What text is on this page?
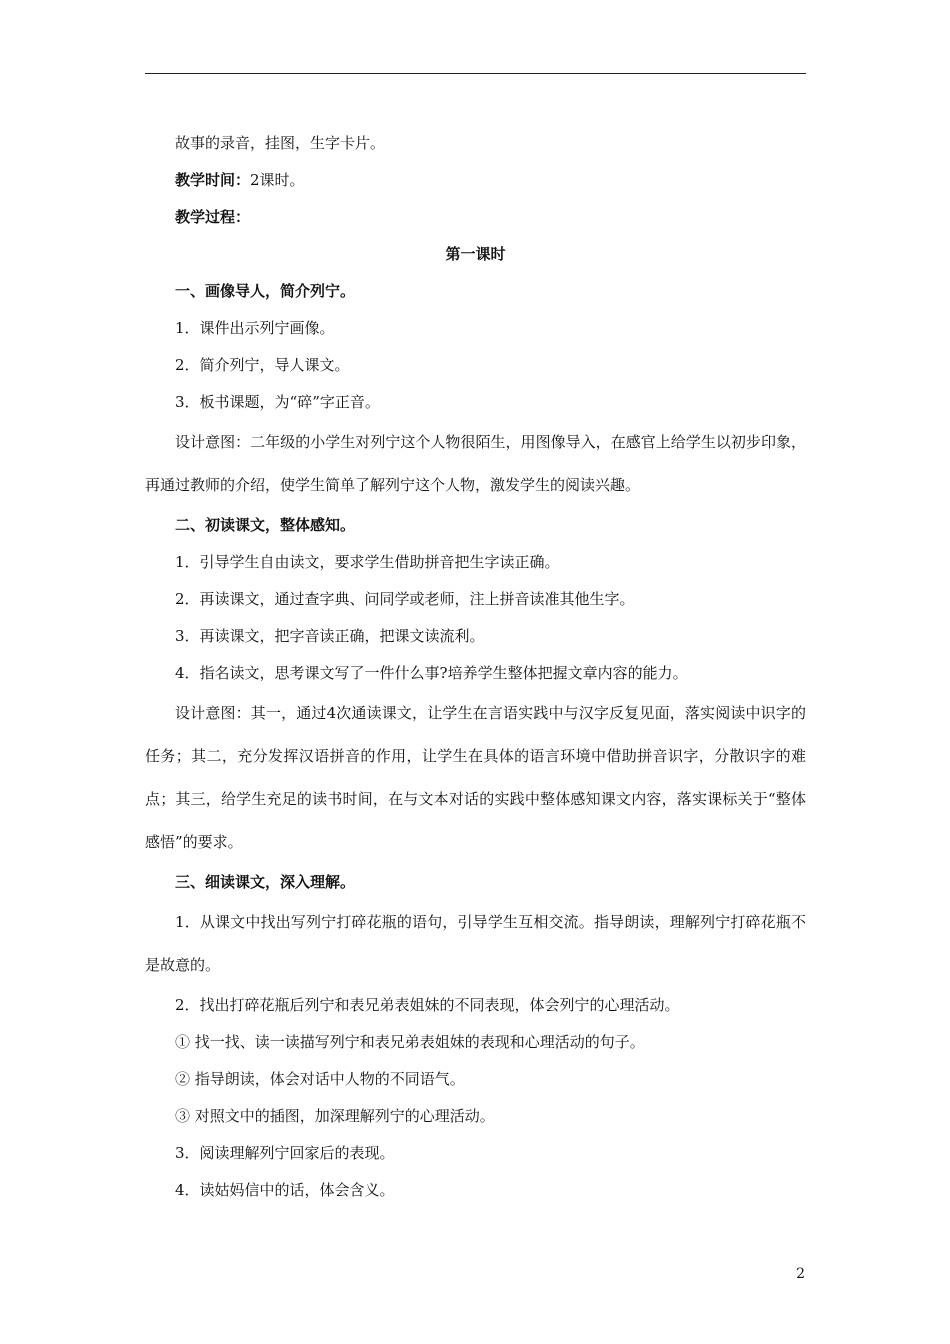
故事的录音，挂图，生字卡片。

教学时间：2课时。

教学过程：

第一课时

一、画像导人，简介列宁。

1．课件出示列宁画像。

2．简介列宁，导人课文。

3．板书课题，为“碎”字正音。

设计意图：二年级的小学生对列宁这个人物很陌生，用图像导入，在感官上给学生以初步印象，再通过教师的介绍，使学生简单了解列宁这个人物，激发学生的阅读兴趣。

二、初读课文，整体感知。

1．引导学生自由读文，要求学生借助拼音把生字读正确。

2．再读课文，通过查字典、问同学或老师，注上拼音读准其他生字。

3．再读课文，把字音读正确，把课文读流利。

4．指名读文，思考课文写了一件什么事?培养学生整体把握文章内容的能力。

设计意图：其一，通过4次通读课文，让学生在言语实践中与汉字反复见面，落实阅读中识字的任务；其二，充分发挥汉语拼音的作用，让学生在具体的语言环境中借助拼音识字，分散识字的难点；其三，给学生充足的读书时间，在与文本对话的实践中整体感知课文内容，落实课标关于“整体感悟”的要求。

三、细读课文，深入理解。

1．从课文中找出写列宁打碎花瓶的语句，引导学生互相交流。指导朗读，理解列宁打碎花瓶不是故意的。

2．找出打碎花瓶后列宁和表兄弟表姐妹的不同表现，体会列宁的心理活动。

① 找一找、读一读描写列宁和表兄弟表姐妹的表现和心理活动的句子。

② 指导朗读，体会对话中人物的不同语气。

③ 对照文中的插图，加深理解列宁的心理活动。

3．阅读理解列宁回家后的表现。

4．读姑妈信中的话，体会含义。

2
